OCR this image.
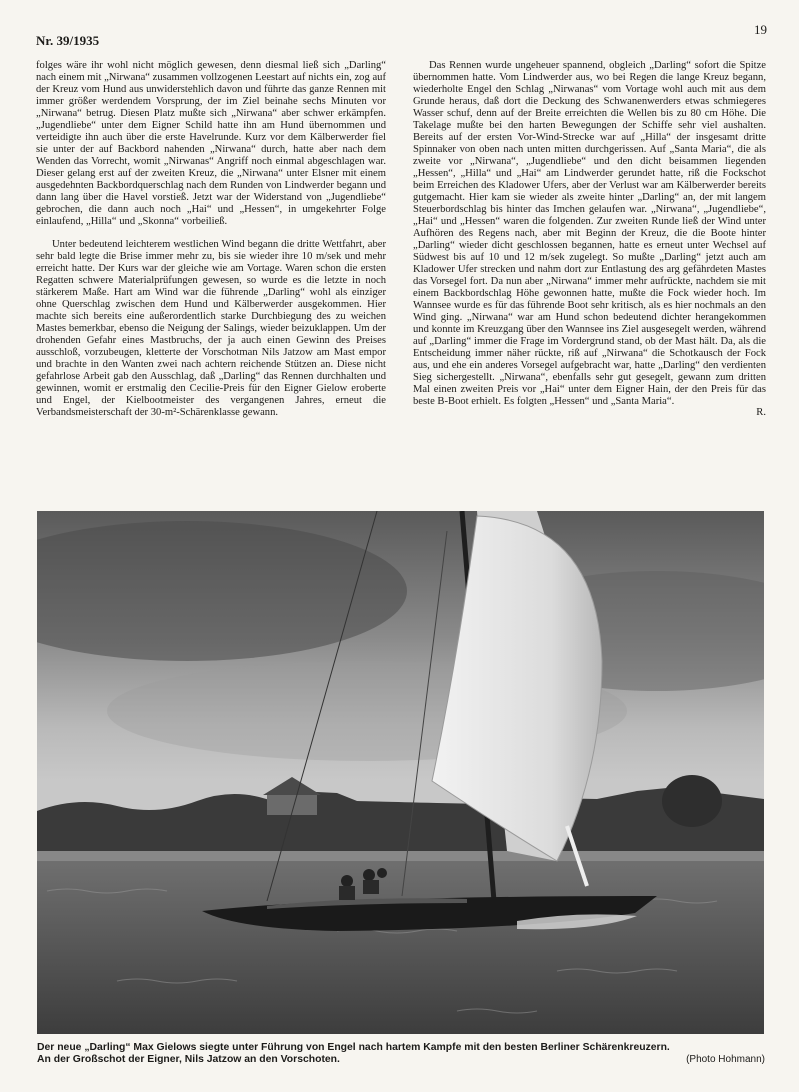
Nr. 39/1935
19

folges wäre ihr wohl nicht möglich gewesen, denn diesmal ließ sich „Darling“ nach einem mit „Nirwana“ zusammen vollzogenen Leestart auf nichts ein, zog auf der Kreuz vom Hund aus unwiderstehlich davon und führte das ganze Rennen mit immer größer werdendem Vorsprung, der im Ziel beinahe sechs Minuten vor „Nirwana“ betrug. Diesen Platz mußte sich „Nirwana“ aber schwer erkämpfen. „Jugendliebe“ unter dem Eigner Schild hatte ihn am Hund übernommen und verteidigte ihn auch über die erste Havelrunde. Kurz vor dem Kälberwerder fiel sie unter der auf Backbord nahenden „Nirwana“ durch, hatte aber nach dem Wenden das Vorrecht, womit „Nirwanas“ Angriff noch einmal abgeschlagen war. Dieser gelang erst auf der zweiten Kreuz, die „Nirwana“ unter Elsner mit einem ausgedehnten Backbordquerschlag nach dem Runden von Lindwerder begann und dann lang über die Havel vorstieß. Jetzt war der Widerstand von „Jugendliebe“ gebrochen, die dann auch noch „Hai“ und „Hessen“, in umgekehrter Folge einlaufend, „Hilla“ und „Skonna“ vorbeiließ.

Unter bedeutend leichterem westlichen Wind begann die dritte Wettfahrt, aber sehr bald legte die Brise immer mehr zu, bis sie wieder ihre 10 m/sek und mehr erreicht hatte. Der Kurs war der gleiche wie am Vortage. Waren schon die ersten Regatten schwere Materialprüfungen gewesen, so wurde es die letzte in noch stärkerem Maße. Hart am Wind war die führende „Darling“ wohl als einziger ohne Querschlag zwischen dem Hund und Kälberwerder ausgekommen. Hier machte sich bereits eine außerordentlich starke Durchbiegung des zu weichen Mastes bemerkbar, ebenso die Neigung der Salings, wieder beizuklappen. Um der drohenden Gefahr eines Mastbruchs, der ja auch einen Gewinn des Preises ausschloß, vorzubeugen, kletterte der Vorschotman Nils Jatzow am Mast empor und brachte in den Wanten zwei nach achtern reichende Stützen an. Diese nicht gefahrlose Arbeit gab den Ausschlag, daß „Darling“ das Rennen durchhalten und gewinnen, womit er erstmalig den Cecilie-Preis für den Eigner Gielow eroberte und Engel, der Kielbootmeister des vergangenen Jahres, erneut die Verbandsmeisterschaft der 30-m²-Schärenklasse gewann.

Das Rennen wurde ungeheuer spannend, obgleich „Darling“ sofort die Spitze übernommen hatte. Vom Lindwerder aus, wo bei Regen die lange Kreuz begann, wiederholte Engel den Schlag „Nirwanas“ vom Vortage wohl auch mit aus dem Grunde heraus, daß dort die Deckung des Schwanenwerders etwas schmiegeres Wasser schuf, denn auf der Breite erreichten die Wellen bis zu 80 cm Höhe. Die Takelage mußte bei den harten Bewegungen der Schiffe sehr viel aushalten. Bereits auf der ersten Vor-Wind-Strecke war auf „Hilla“ der insgesamt dritte Spinnaker von oben nach unten mitten durchgerissen. Auf „Santa Maria“, die als zweite vor „Nirwana“, „Jugendliebe“ und den dicht beisammen liegenden „Hessen“, „Hilla“ und „Hai“ am Lindwerder gerundet hatte, riß die Fockschot beim Erreichen des Kladower Ufers, aber der Verlust war am Kälberwerder bereits gutgemacht. Hier kam sie wieder als zweite hinter „Darling“ an, der mit langem Steuerbordschlag bis hinter das Imchen gelaufen war. „Nirwana“, „Jugendliebe“, „Hai“ und „Hessen“ waren die folgenden. Zur zweiten Runde ließ der Wind unter Aufhören des Regens nach, aber mit Beginn der Kreuz, die die Boote hinter „Darling“ wieder dicht geschlossen begannen, hatte es erneut unter Wechsel auf Südwest bis auf 10 und 12 m/sek zugelegt. So mußte „Darling“ jetzt auch am Kladower Ufer strecken und nahm dort zur Entlastung des arg gefährdeten Mastes das Vorsegel fort. Da nun aber „Nirwana“ immer mehr aufrückte, nachdem sie mit einem Backbordschlag Höhe gewonnen hatte, mußte die Fock wieder hoch. Im Wannsee wurde es für das führende Boot sehr kritisch, als es hier nochmals an den Wind ging. „Nirwana“ war am Hund schon bedeutend dichter herangekommen und konnte im Kreuzgang über den Wannsee ins Ziel ausgesegelt werden, während auf „Darling“ immer die Frage im Vordergrund stand, ob der Mast hält. Da, als die Entscheidung immer näher rückte, riß auf „Nirwana“ die Schotkausch der Fock aus, und ehe ein anderes Vorsegel aufgebracht war, hatte „Darling“ den verdienten Sieg sichergestellt. „Nirwana“, ebenfalls sehr gut gesegelt, gewann zum dritten Mal einen zweiten Preis vor „Hai“ unter dem Eigner Hain, der den Preis für das beste B-Boot erhielt. Es folgten „Hessen“ und „Santa Maria“.

R.
Der neue „Darling“ Max Gielows siegte unter Führung von Engel nach hartem Kampfe mit den besten Berliner Schärenkreuzern.
An der Großschot der Eigner, Nils Jatzow an den Vorschoten.	(Photo Hohmann)
